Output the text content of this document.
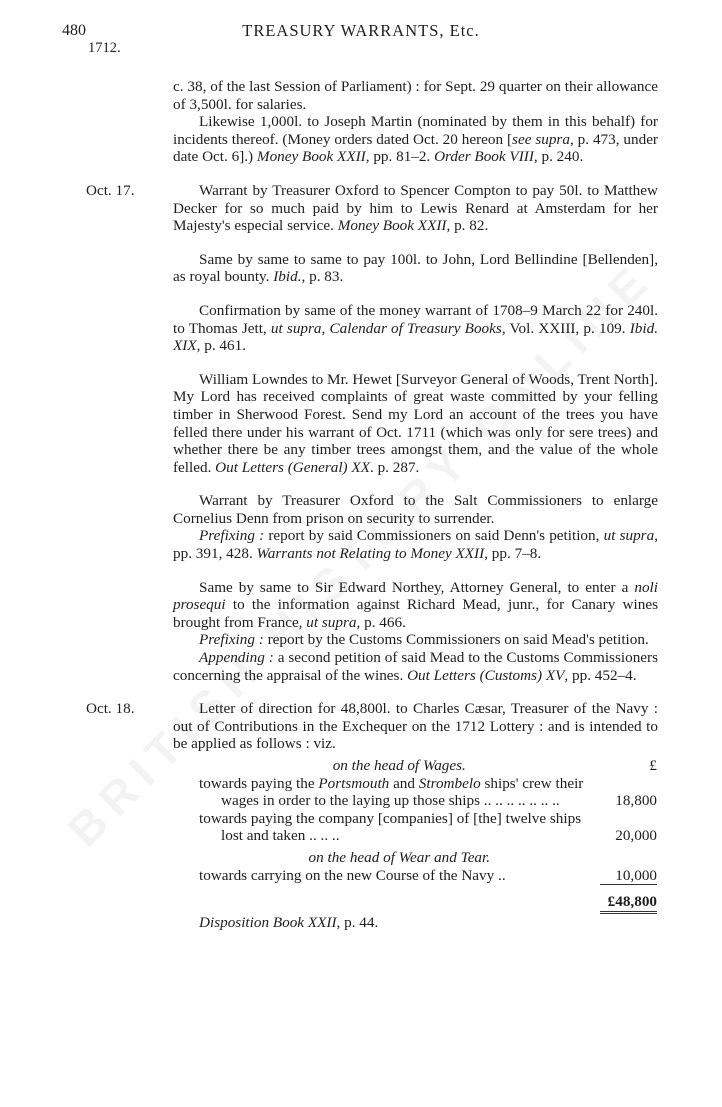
480	TREASURY WARRANTS, Etc.
1712.

c. 38, of the last Session of Parliament) : for Sept. 29 quarter on their allowance of 3,500l. for salaries.

Likewise 1,000l. to Joseph Martin (nominated by them in this behalf) for incidents thereof. (Money orders dated Oct. 20 hereon [see supra, p. 473, under date Oct. 6].) Money Book XXII, pp. 81–2. Order Book VIII, p. 240.

Oct. 17.	Warrant by Treasurer Oxford to Spencer Compton to pay 50l. to Matthew Decker for so much paid by him to Lewis Renard at Amsterdam for her Majesty's especial service. Money Book XXII, p. 82.

Same by same to same to pay 100l. to John, Lord Bellindine [Bellenden], as royal bounty. Ibid., p. 83.

Confirmation by same of the money warrant of 1708–9 March 22 for 240l. to Thomas Jett, ut supra, Calendar of Treasury Books, Vol. XXIII, p. 109. Ibid. XIX, p. 461.

William Lowndes to Mr. Hewet [Surveyor General of Woods, Trent North]. My Lord has received complaints of great waste committed by your felling timber in Sherwood Forest. Send my Lord an account of the trees you have felled there under his warrant of Oct. 1711 (which was only for sere trees) and whether there be any timber trees amongst them, and the value of the whole felled. Out Letters (General) XX. p. 287.

Warrant by Treasurer Oxford to the Salt Commissioners to enlarge Cornelius Denn from prison on security to surrender.

Prefixing : report by said Commissioners on said Denn's petition, ut supra, pp. 391, 428. Warrants not Relating to Money XXII, pp. 7–8.

Same by same to Sir Edward Northey, Attorney General, to enter a noli prosequi to the information against Richard Mead, junr., for Canary wines brought from France, ut supra, p. 466.

Prefixing : report by the Customs Commissioners on said Mead's petition.

Appending : a second petition of said Mead to the Customs Commissioners concerning the appraisal of the wines. Out Letters (Customs) XV, pp. 452–4.

Oct. 18.	Letter of direction for 48,800l. to Charles Cæsar, Treasurer of the Navy : out of Contributions in the Exchequer on the 1712 Lottery : and is intended to be applied as follows : viz.

on the head of Wages.	£
towards paying the Portsmouth and Strombelo ships' crew their wages in order to the laying up those ships .. .. .. .. .. .. ..	18,800
towards paying the company [companies] of [the] twelve ships lost and taken .. .. ..	20,000
on the head of Wear and Tear.	
towards carrying on the new Course of the Navy ..	10,000

	£48,800

Disposition Book XXII, p. 44.
